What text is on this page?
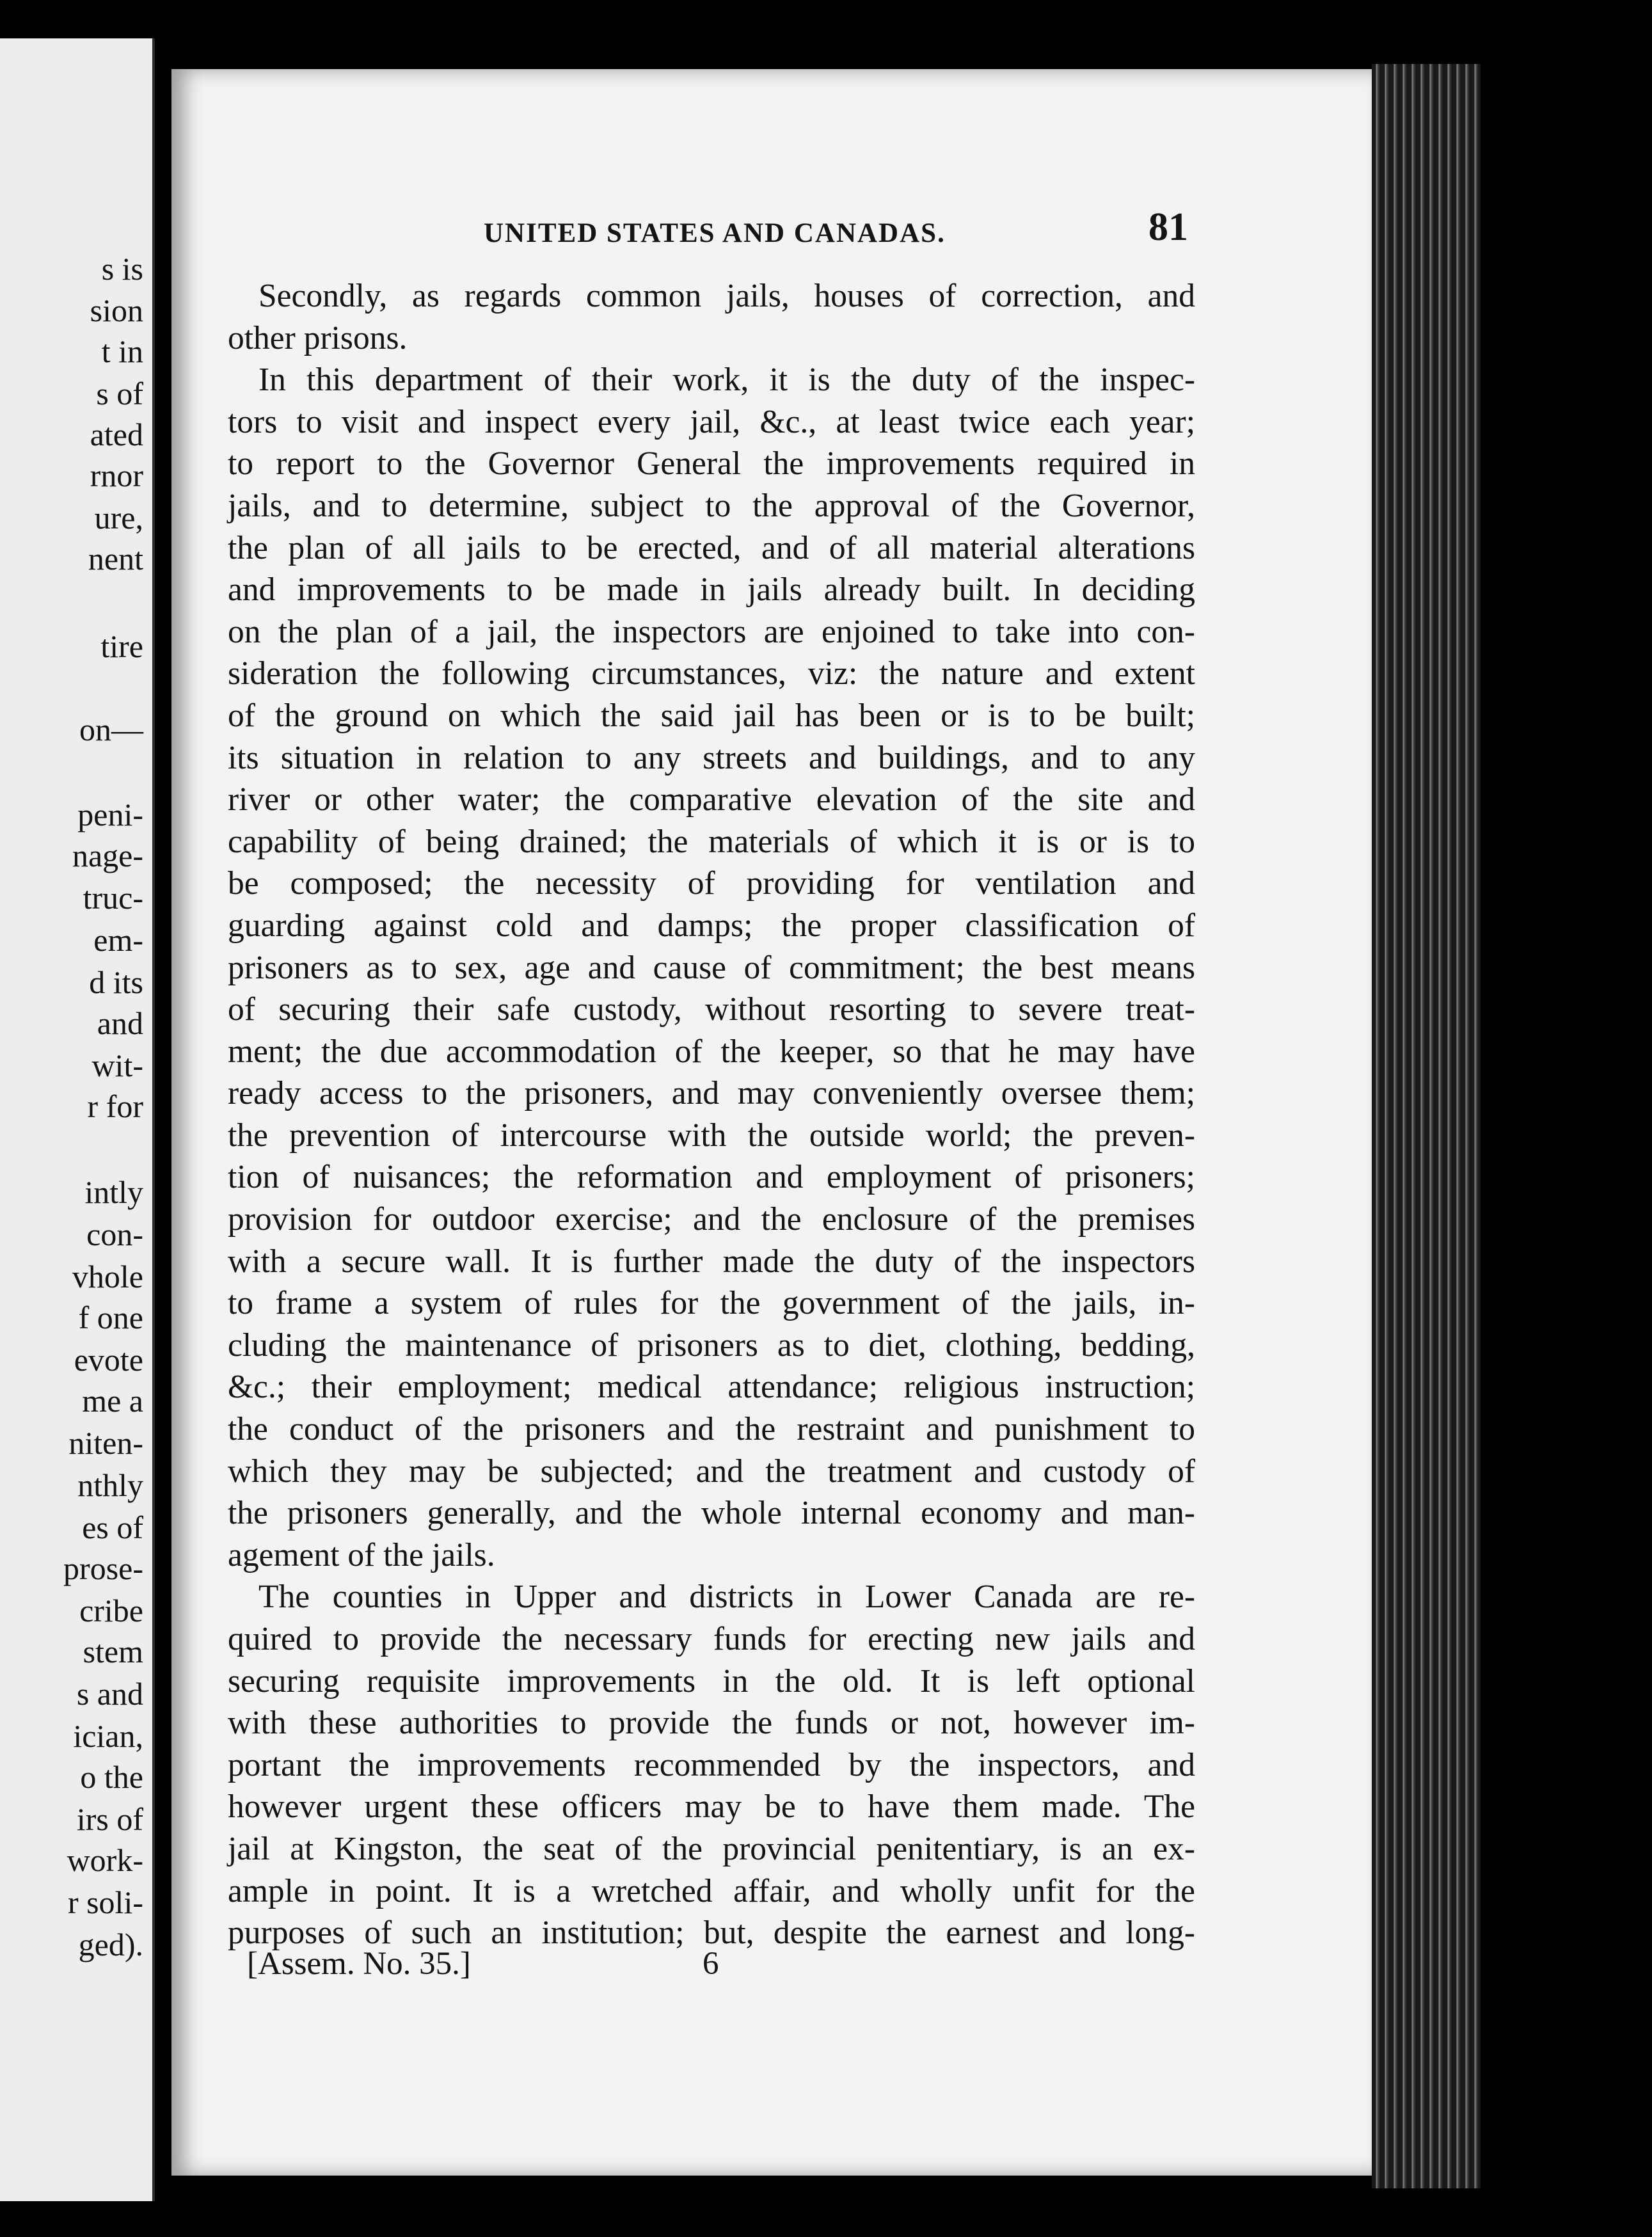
s is
sion
t in
s of
ated
rnor
ure,
nent
tire
on—
peni-
nage-
truc-
em-
d its
and
wit-
r for
intly
con-
vhole
f one
evote
me a
niten-
nthly
es of
prose-
cribe
stem
s and
ician,
o the
irs of
work-
r soli-
ged).
UNITED STATES AND CANADAS.	81
Secondly, as regards common jails, houses of correction, and
other prisons.
In this department of their work, it is the duty of the inspec-
tors to visit and inspect every jail, &c., at least twice each year;
to report to the Governor General the improvements required in
jails, and to determine, subject to the approval of the Governor,
the plan of all jails to be erected, and of all material alterations
and improvements to be made in jails already built. In deciding
on the plan of a jail, the inspectors are enjoined to take into con-
sideration the following circumstances, viz: the nature and extent
of the ground on which the said jail has been or is to be built;
its situation in relation to any streets and buildings, and to any
river or other water; the comparative elevation of the site and
capability of being drained; the materials of which it is or is to
be composed; the necessity of providing for ventilation and
guarding against cold and damps; the proper classification of
prisoners as to sex, age and cause of commitment; the best means
of securing their safe custody, without resorting to severe treat-
ment; the due accommodation of the keeper, so that he may have
ready access to the prisoners, and may conveniently oversee them;
the prevention of intercourse with the outside world; the preven-
tion of nuisances; the reformation and employment of prisoners;
provision for outdoor exercise; and the enclosure of the premises
with a secure wall. It is further made the duty of the inspectors
to frame a system of rules for the government of the jails, in-
cluding the maintenance of prisoners as to diet, clothing, bedding,
&c.; their employment; medical attendance; religious instruction;
the conduct of the prisoners and the restraint and punishment to
which they may be subjected; and the treatment and custody of
the prisoners generally, and the whole internal economy and man-
agement of the jails.
The counties in Upper and districts in Lower Canada are re-
quired to provide the necessary funds for erecting new jails and
securing requisite improvements in the old. It is left optional
with these authorities to provide the funds or not, however im-
portant the improvements recommended by the inspectors, and
however urgent these officers may be to have them made. The
jail at Kingston, the seat of the provincial penitentiary, is an ex-
ample in point. It is a wretched affair, and wholly unfit for the
purposes of such an institution; but, despite the earnest and long-
[Assem. No. 35.]	6
